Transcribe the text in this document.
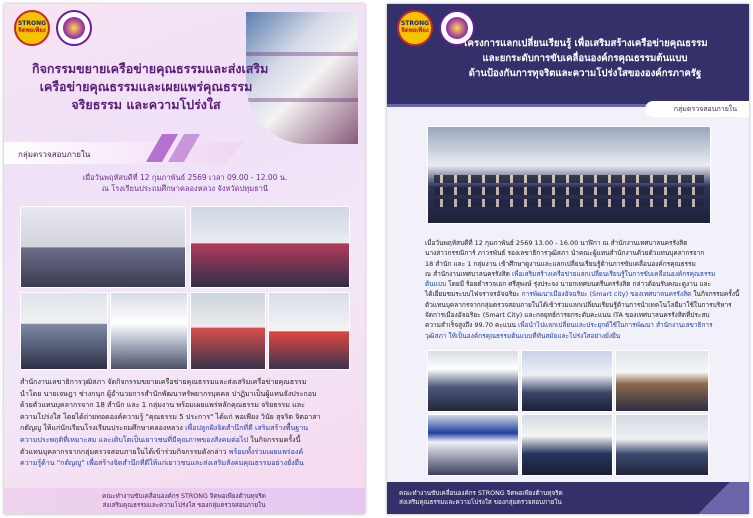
STRONG
จิตพอเพียง
กิจกรรมขยายเครือข่ายคุณธรรมและส่งเสริม
เครือข่ายคุณธรรมและเผยแพร่คุณธรรม
จริยธรรม และความโปร่งใส
กลุ่มตรวจสอบภายใน
เมื่อวันพฤหัสบดีที่ 12 กุมภาพันธ์ 2569 เวลา 09.00 - 12.00 น.
ณ โรงเรียนประถมศึกษาคลองหลวง จังหวัดปทุมธานี
สำนักงานเลขาธิการวุฒิสภา จัดกิจกรรมขยายเครือข่ายคุณธรรมและส่งเสริมเครือข่ายคุณธรรม
นำโดย นายเจษฎา ช่างกนุก ผู้อำนวยการสำนักพัฒนาทรัพยากรบุคคล ปาฏิมาเป็นผู้แทนจังประกอบ
ด้วยตัวแทนบุคลากรจาก 18 สำนัก และ 1 กลุ่มงาน พร้อมเผยแพร่หลักคุณธรรม จริยธรรม และ
ความโปร่งใส โดยได้ถ่ายทอดองค์ความรู้ "คุณธรรม 5 ประการ" ได้แก่ พอเพียง วินัย สุจริต จิตอาสา
กตัญญู ให้แก่นักเรียนโรงเรียนประถมศึกษาคลองหลวง เพื่อปลูกฝังจิตสำนึกที่ดี เสริมสร้างพื้นฐาน
ความประพฤติที่เหมาะสม และเติบโตเป็นเยาวชนที่มีคุณภาพของสังคมต่อไป ในกิจกรรมครั้งนี้
ตัวแทนบุคลากรจากกลุ่มตรวจสอบภายในได้เข้าร่วมกิจกรรมดังกล่าว พร้อมทั้งร่วมเผยแพร่องค์
ความรู้ด้าน "กตัญญู" เพื่อสร้างจิตสำนึกที่ดีให้แก่เยาวชนและส่งเสริมสังคมคุณธรรมอย่างยั่งยืน
คณะทำงานขับเคลื่อนองค์กร STRONG จิตพอเพียงต้านทุจริต
ส่งเสริมคุณธรรมและความโปร่งใส ของกลุ่มตรวจสอบภายใน
STRONG
จิตพอเพียง
โครงการแลกเปลี่ยนเรียนรู้ เพื่อเสริมสร้างเครือข่ายคุณธรรม
และยกระดับการขับเคลื่อนองค์กรคุณธรรมต้นแบบ
ด้านป้องกันการทุจริตและความโปร่งใสขององค์กรภาครัฐ
กลุ่มตรวจสอบภายใน
เมื่อวันพฤหัสบดีที่ 12 กุมภาพันธ์ 2569 13.00 - 16.00 นาฬิกา ณ สำนักงานเทศบาลนครรังสิต
นางสาวกรรณิการ์ ภาวรพันธ์ รองเลขาธิการวุฒิสภา นำคณะผู้แทนสำนักงานด้วยตัวแทนบุคลากรจาก
18 สำนัก และ 1 กลุ่มงาน เข้าศึกษาดูงานและแลกเปลี่ยนเรียนรู้ด้านการขับเคลื่อนองค์กรคุณธรรม
ณ สำนักงานเทศบาลนครรังสิต เพื่อเสริมสร้างเครือข่ายแลกเปลี่ยนเรียนรู้ในการขับเคลื่อนองค์กรคุณธรรม
ต้นแบบ โดยมี ร้อยตำรวจเอก ศรีสุพงษ์ รุ่งประจง นายกเทศมนตรีนครรังสิต กล่าวต้อนรับคณะดูงาน และ
ได้เยี่ยมชมระบบไฟจราจรอัจฉริยะ การพัฒนาเมืองอัจฉริยะ (Smart city) ของเทศบาลนครรังสิต ในกิจกรรมครั้งนี้
ตัวแทนบุคลากรจากกลุ่มตรวจสอบภายในได้เข้าร่วมแลกเปลี่ยนเรียนรู้ด้านการนำเทคโนโลยีมาใช้ในการบริหาร
จัดการเมืองอัจฉริยะ (Smart City) และกลยุทธ์การยกระดับคะแนน ITA ของเทศบาลนครรังสิตที่ประสบ
ความสำเร็จสูงถึง 99.70 คะแนน เพื่อนำไปแลกเปลี่ยนและประยุกต์ใช้ในการพัฒนา สำนักงานเลขาธิการ
วุฒิสภา ให้เป็นองค์กรคุณธรรมต้นแบบที่ทันสมัยและโปร่งใสอย่างยั่งยืน
คณะทำงานขับเคลื่อนองค์กร STRONG จิตพอเพียงต้านทุจริต
ส่งเสริมคุณธรรมและความโปร่งใส ของกลุ่มตรวจสอบภายใน
